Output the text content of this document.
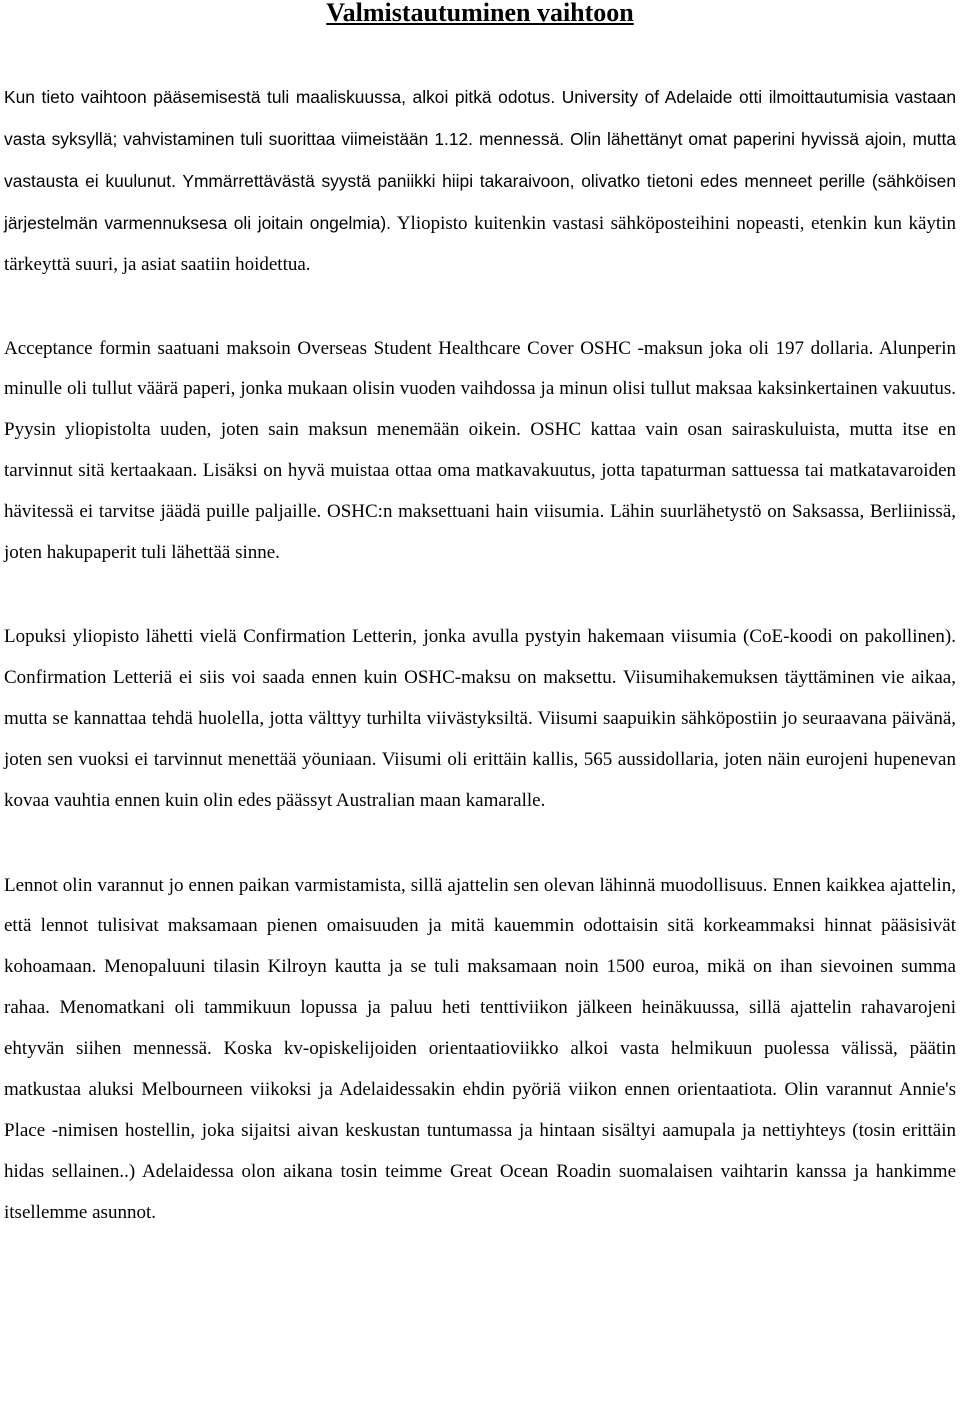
Valmistautuminen vaihtoon

Kun tieto vaihtoon pääsemisestä tuli maaliskuussa, alkoi pitkä odotus. University of Adelaide otti ilmoittautumisia vastaan vasta syksyllä; vahvistaminen tuli suorittaa viimeistään 1.12. mennessä. Olin lähettänyt omat paperini hyvissä ajoin, mutta vastausta ei kuulunut. Ymmärrettävästä syystä paniikki hiipi takaraivoon, olivatko tietoni edes menneet perille (sähköisen järjestelmän varmennuksesa oli joitain ongelmia). Yliopisto kuitenkin vastasi sähköposteihini nopeasti, etenkin kun käytin tärkeyttä suuri, ja asiat saatiin hoidettua.

Acceptance formin saatuani maksoin Overseas Student Healthcare Cover OSHC -maksun joka oli 197 dollaria. Alunperin minulle oli tullut väärä paperi, jonka mukaan olisin vuoden vaihdossa ja minun olisi tullut maksaa kaksinkertainen vakuutus. Pyysin yliopistolta uuden, joten sain maksun menemään oikein. OSHC kattaa vain osan sairaskuluista, mutta itse en tarvinnut sitä kertaakaan. Lisäksi on hyvä muistaa ottaa oma matkavakuutus, jotta tapaturman sattuessa tai matkatavaroiden hävitessä ei tarvitse jäädä puille paljaille. OSHC:n maksettuani hain viisumia. Lähin suurlähetystö on Saksassa, Berliinissä, joten hakupaperit tuli lähettää sinne.

Lopuksi yliopisto lähetti vielä Confirmation Letterin, jonka avulla pystyin hakemaan viisumia (CoE-koodi on pakollinen). Confirmation Letteriä ei siis voi saada ennen kuin OSHC-maksu on maksettu. Viisumihakemuksen täyttäminen vie aikaa, mutta se kannattaa tehdä huolella, jotta välttyy turhilta viivästyksiltä. Viisumi saapuikin sähköpostiin jo seuraavana päivänä, joten sen vuoksi ei tarvinnut menettää yöuniaan. Viisumi oli erittäin kallis, 565 aussidollaria, joten näin eurojeni hupenevan kovaa vauhtia ennen kuin olin edes päässyt Australian maan kamaralle.

Lennot olin varannut jo ennen paikan varmistamista, sillä ajattelin sen olevan lähinnä muodollisuus. Ennen kaikkea ajattelin, että lennot tulisivat maksamaan pienen omaisuuden ja mitä kauemmin odottaisin sitä korkeammaksi hinnat pääsisivät kohoamaan. Menopaluuni tilasin Kilroyn kautta ja se tuli maksamaan noin 1500 euroa, mikä on ihan sievoinen summa rahaa. Menomatkani oli tammikuun lopussa ja paluu heti tenttiviikon jälkeen heinäkuussa, sillä ajattelin rahavarojeni ehtyvän siihen mennessä. Koska kv-opiskelijoiden orientaatioviikko alkoi vasta helmikuun puolessa välissä, päätin matkustaa aluksi Melbourneen viikoksi ja Adelaidessakin ehdin pyöriä viikon ennen orientaatiota. Olin varannut Annie's Place -nimisen hostellin, joka sijaitsi aivan keskustan tuntumassa ja hintaan sisältyi aamupala ja nettiyhteys (tosin erittäin hidas sellainen..) Adelaidessa olon aikana tosin teimme Great Ocean Roadin suomalaisen vaihtarin kanssa ja hankimme itsellemme asunnot.
